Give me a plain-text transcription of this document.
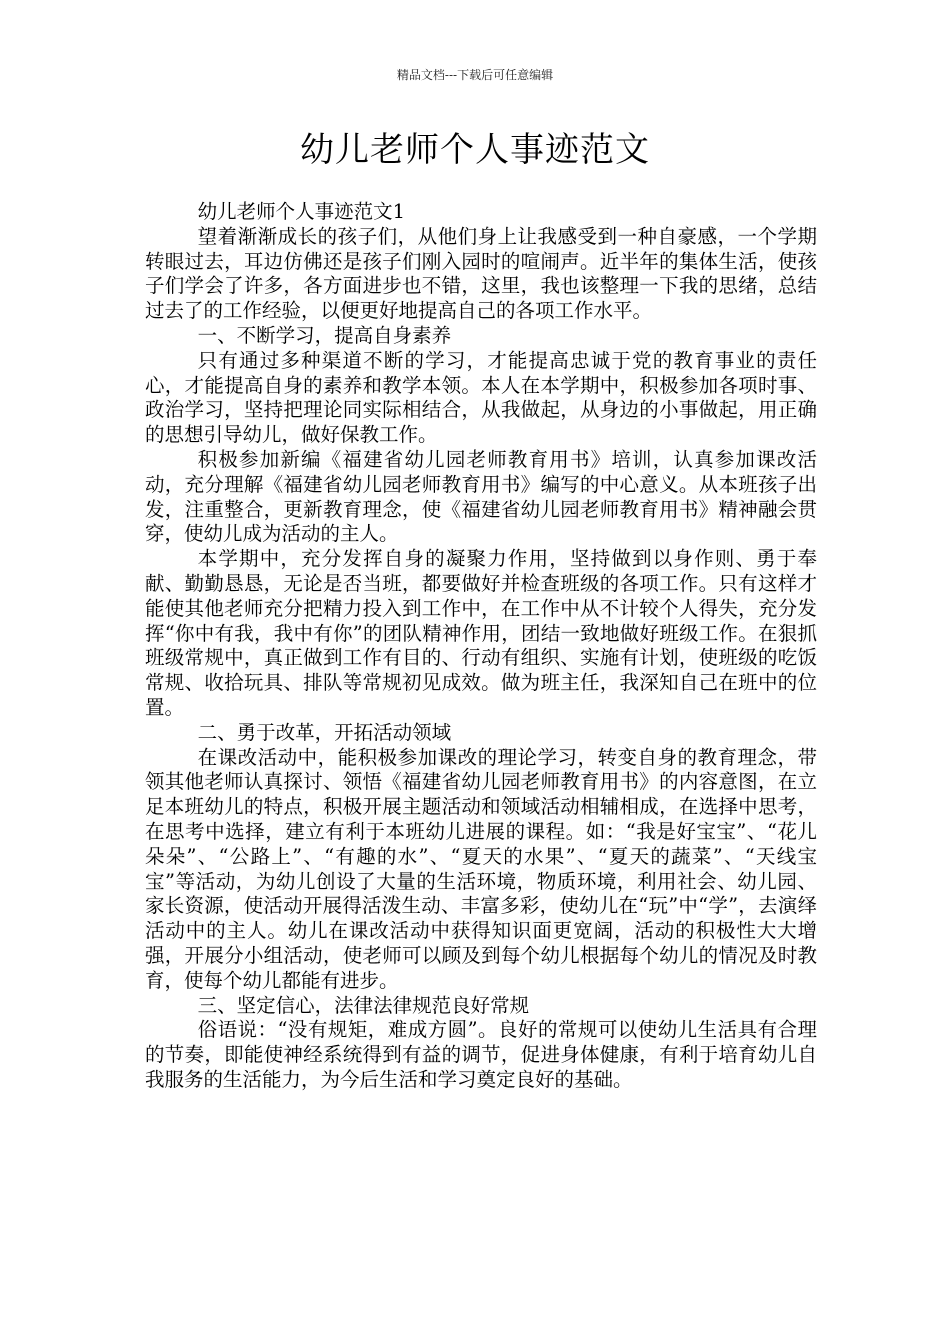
精品文档---下载后可任意编辑
幼儿老师个人事迹范文

幼儿老师个人事迹范文1

望着渐渐成长的孩子们，从他们身上让我感受到一种自豪感，一个学期转眼过去，耳边仿佛还是孩子们刚入园时的喧闹声。近半年的集体生活，使孩子们学会了许多，各方面进步也不错，这里，我也该整理一下我的思绪，总结过去了的工作经验，以便更好地提高自己的各项工作水平。

一、不断学习，提高自身素养

只有通过多种渠道不断的学习，才能提高忠诚于党的教育事业的责任心，才能提高自身的素养和教学本领。本人在本学期中，积极参加各项时事、政治学习，坚持把理论同实际相结合，从我做起，从身边的小事做起，用正确的思想引导幼儿，做好保教工作。

积极参加新编《福建省幼儿园老师教育用书》培训，认真参加课改活动，充分理解《福建省幼儿园老师教育用书》编写的中心意义。从本班孩子出发，注重整合，更新教育理念，使《福建省幼儿园老师教育用书》精神融会贯穿，使幼儿成为活动的主人。

本学期中，充分发挥自身的凝聚力作用，坚持做到以身作则、勇于奉献、勤勤恳恳，无论是否当班，都要做好并检查班级的各项工作。只有这样才能使其他老师充分把精力投入到工作中，在工作中从不计较个人得失，充分发挥“你中有我，我中有你”的团队精神作用，团结一致地做好班级工作。在狠抓班级常规中，真正做到工作有目的、行动有组织、实施有计划，使班级的吃饭常规、收拾玩具、排队等常规初见成效。做为班主任，我深知自己在班中的位置。

二、勇于改革，开拓活动领域

在课改活动中，能积极参加课改的理论学习，转变自身的教育理念，带领其他老师认真探讨、领悟《福建省幼儿园老师教育用书》的内容意图，在立足本班幼儿的特点，积极开展主题活动和领域活动相辅相成，在选择中思考，在思考中选择，建立有利于本班幼儿进展的课程。如：“我是好宝宝”、“花儿朵朵”、“公路上”、“有趣的水”、“夏天的水果”、“夏天的蔬菜”、“天线宝宝”等活动，为幼儿创设了大量的生活环境，物质环境，利用社会、幼儿园、家长资源，使活动开展得活泼生动、丰富多彩，使幼儿在“玩”中“学”，去演绎活动中的主人。幼儿在课改活动中获得知识面更宽阔，活动的积极性大大增强，开展分小组活动，使老师可以顾及到每个幼儿根据每个幼儿的情况及时教育，使每个幼儿都能有进步。

三、坚定信心，法律法律规范良好常规

俗语说：“没有规矩，难成方圆”。良好的常规可以使幼儿生活具有合理的节奏，即能使神经系统得到有益的调节，促进身体健康，有利于培育幼儿自我服务的生活能力，为今后生活和学习奠定良好的基础。
